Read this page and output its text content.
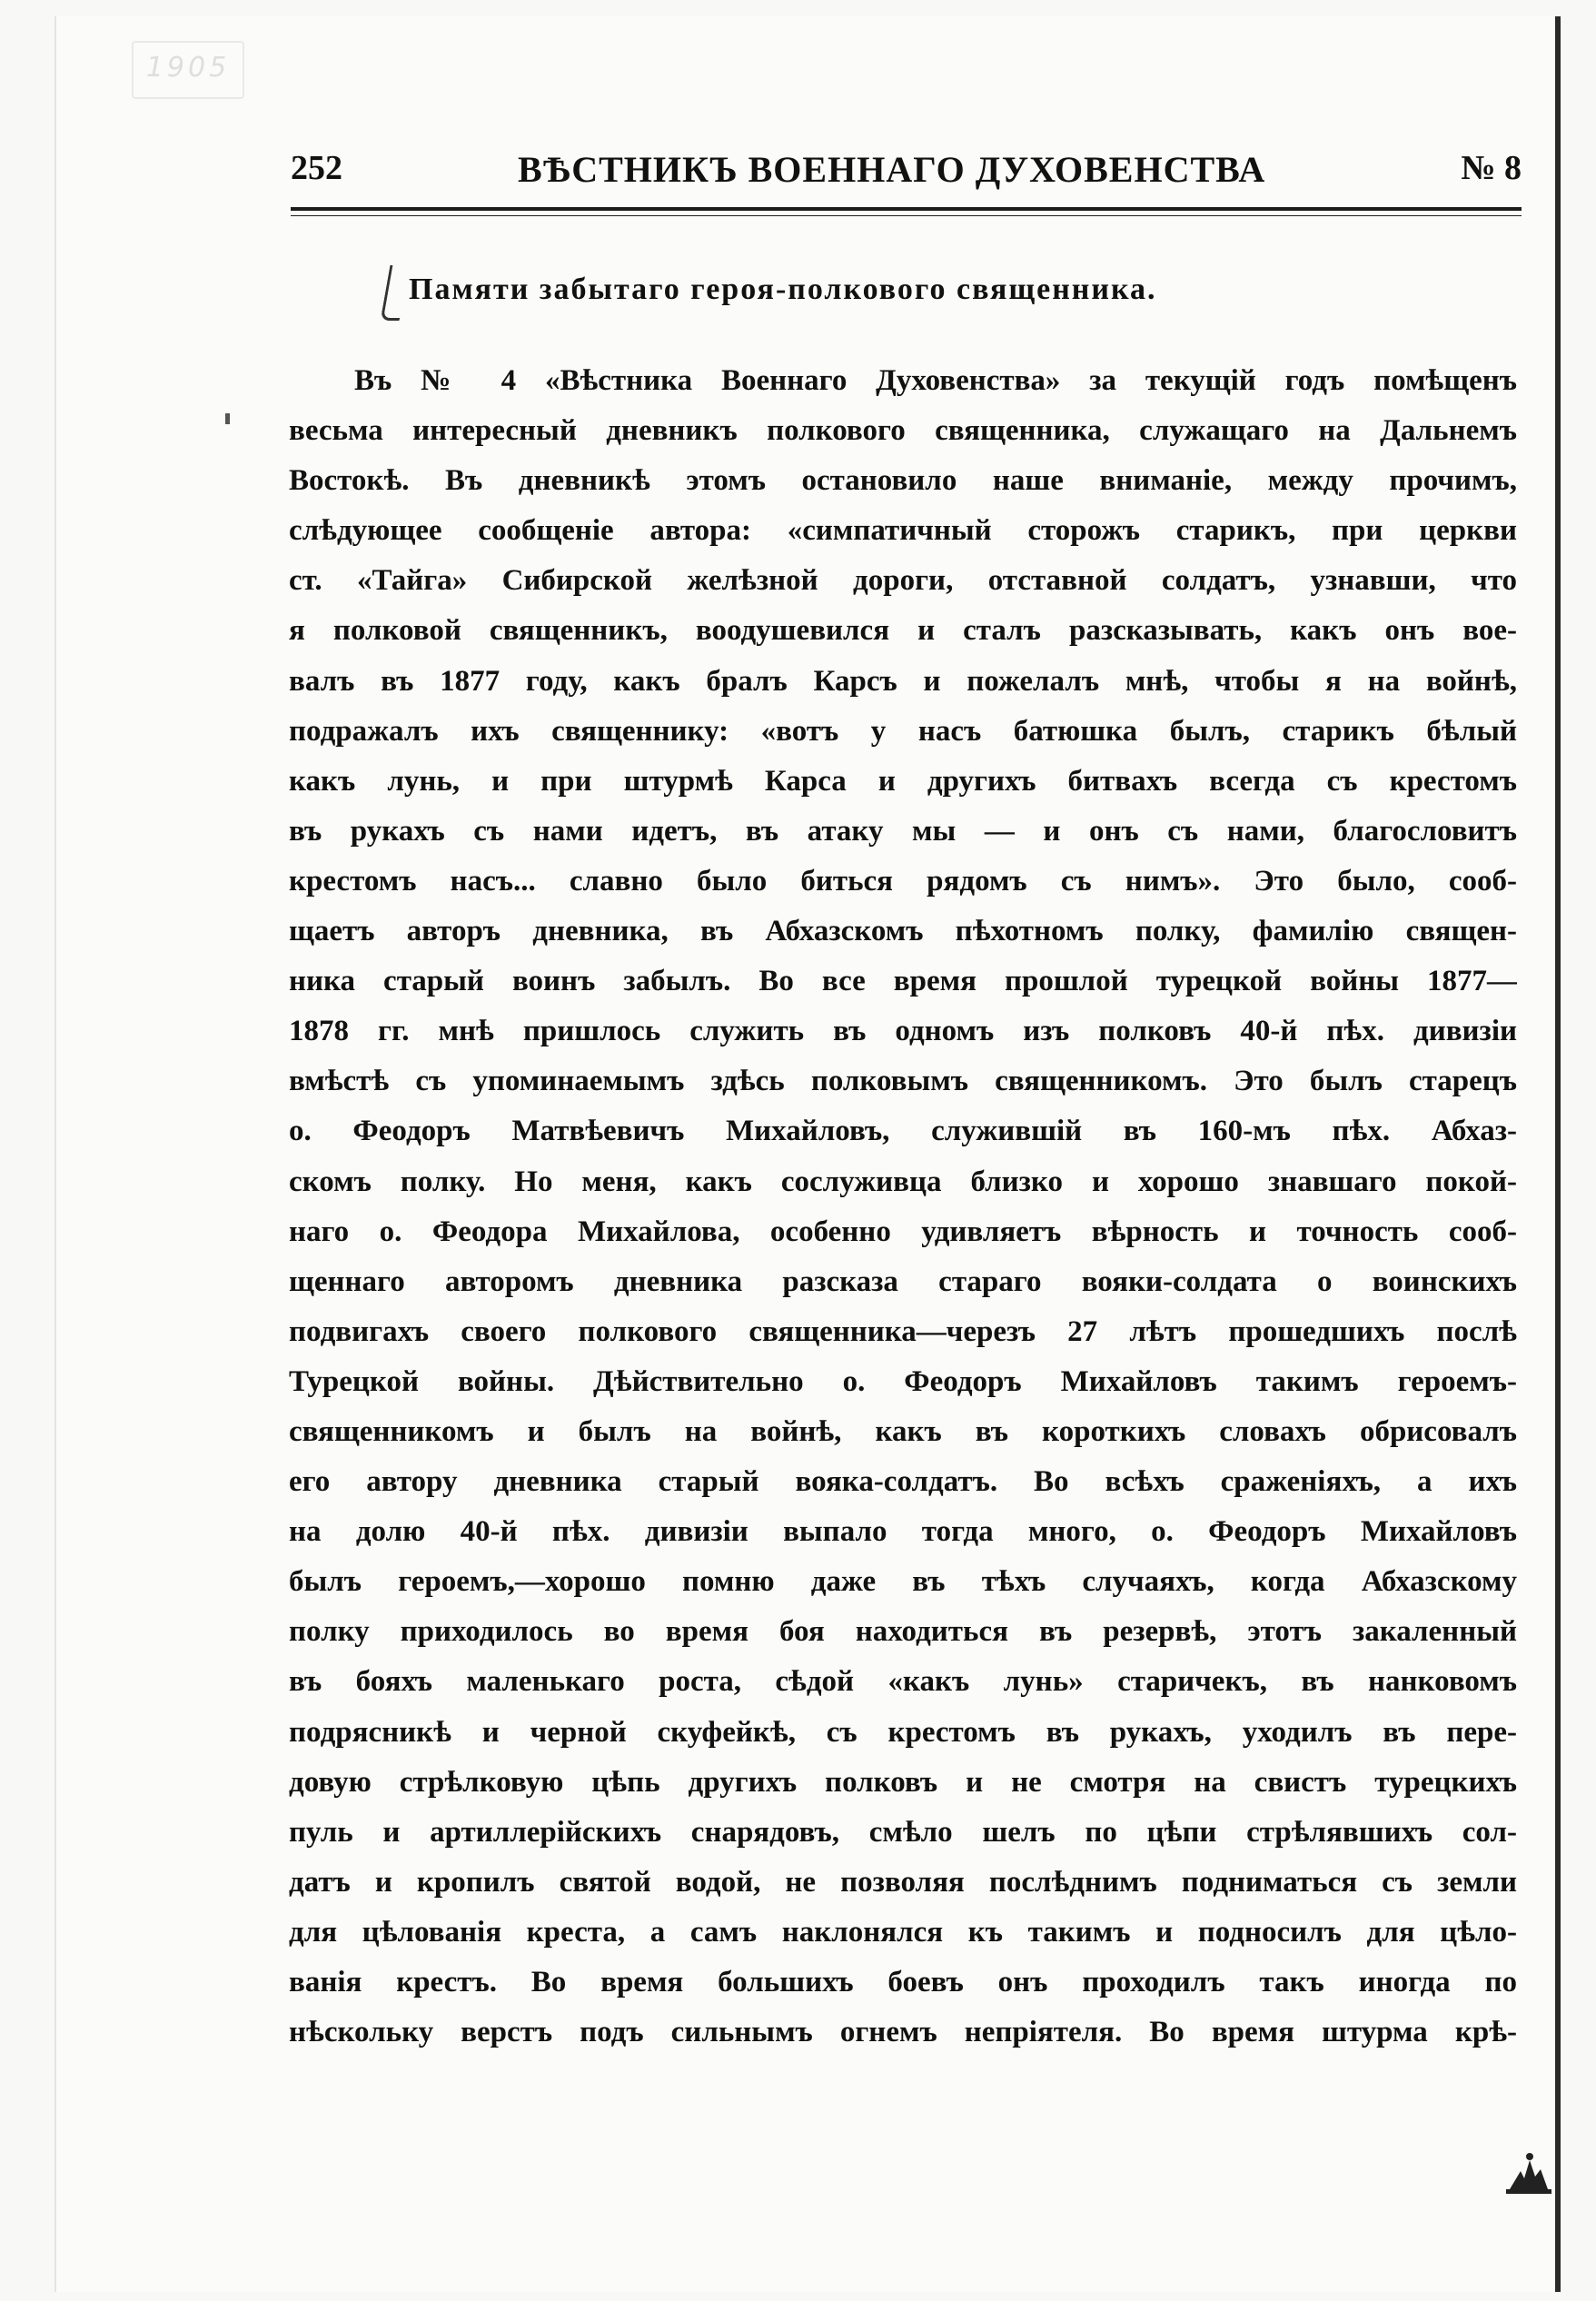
1905
252	ВѢСТНИКЪ ВОЕННАГО ДУХОВЕНСТВА	№ 8
Памяти забытаго героя-полкового священника.
Въ № 4 «Вѣстника Военнаго Духовенства» за текущій годъ помѣщенъ
весьма интересный дневникъ полкового священника, служащаго на Дальнемъ
Востокѣ. Въ дневникѣ этомъ остановило наше вниманіе, между прочимъ,
слѣдующее сообщеніе автора: «симпатичный сторожъ старикъ, при церкви
ст. «Тайга» Сибирской желѣзной дороги, отставной солдатъ, узнавши, что
я полковой священникъ, воодушевился и сталъ разсказывать, какъ онъ вое-
валъ въ 1877 году, какъ бралъ Карсъ и пожелалъ мнѣ, чтобы я на войнѣ,
подражалъ ихъ священнику: «вотъ у насъ батюшка былъ, старикъ бѣлый
какъ лунь, и при штурмѣ Карса и другихъ битвахъ всегда съ крестомъ
въ рукахъ съ нами идетъ, въ атаку мы — и онъ съ нами, благословитъ
крестомъ насъ... славно было биться рядомъ съ нимъ». Это было, сооб-
щаетъ авторъ дневника, въ Абхазскомъ пѣхотномъ полку, фамилію священ-
ника старый воинъ забылъ. Во все время прошлой турецкой войны 1877—
1878 гг. мнѣ пришлось служить въ одномъ изъ полковъ 40-й пѣх. дивизіи
вмѣстѣ съ упоминаемымъ здѣсь полковымъ священникомъ. Это былъ старецъ
о. Феодоръ Матвѣевичъ Михайловъ, служившій въ 160-мъ пѣх. Абхаз-
скомъ полку. Но меня, какъ сослуживца близко и хорошо знавшаго покой-
наго о. Феодора Михайлова, особенно удивляетъ вѣрность и точность сооб-
щеннаго авторомъ дневника разсказа стараго вояки-солдата о воинскихъ
подвигахъ своего полкового священника—черезъ 27 лѣтъ прошедшихъ послѣ
Турецкой войны. Дѣйствительно о. Феодоръ Михайловъ такимъ героемъ-
священникомъ и былъ на войнѣ, какъ въ короткихъ словахъ обрисовалъ
его автору дневника старый вояка-солдатъ. Во всѣхъ сраженіяхъ, а ихъ
на долю 40-й пѣх. дивизіи выпало тогда много, о. Феодоръ Михайловъ
былъ героемъ,—хорошо помню даже въ тѣхъ случаяхъ, когда Абхазскому
полку приходилось во время боя находиться въ резервѣ, этотъ закаленный
въ бояхъ маленькаго роста, сѣдой «какъ лунь» старичекъ, въ нанковомъ
подрясникѣ и черной скуфейкѣ, съ крестомъ въ рукахъ, уходилъ въ пере-
довую стрѣлковую цѣпь другихъ полковъ и не смотря на свистъ турецкихъ
пуль и артиллерійскихъ снарядовъ, смѣло шелъ по цѣпи стрѣлявшихъ сол-
датъ и кропилъ святой водой, не позволяя послѣднимъ подниматься съ земли
для цѣлованія креста, а самъ наклонялся къ такимъ и подносилъ для цѣло-
ванія крестъ. Во время большихъ боевъ онъ проходилъ такъ иногда по
нѣскольку верстъ подъ сильнымъ огнемъ непріятеля. Во время штурма крѣ-
